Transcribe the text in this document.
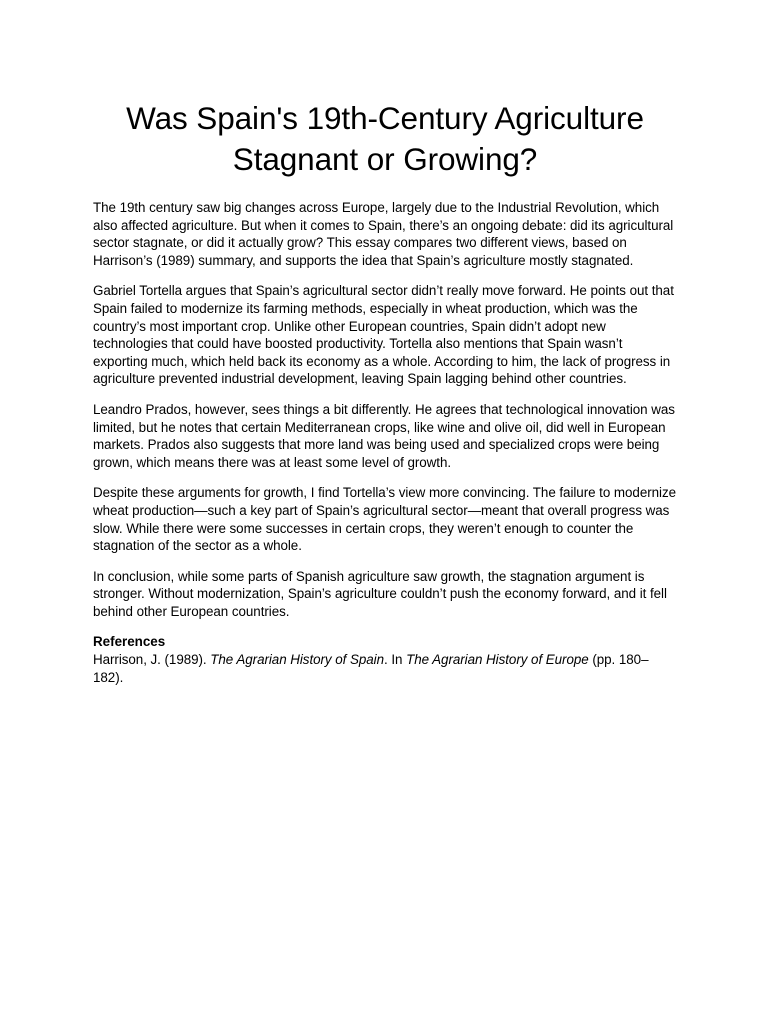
Was Spain's 19th-Century Agriculture
Stagnant or Growing?

The 19th century saw big changes across Europe, largely due to the Industrial Revolution, which also affected agriculture. But when it comes to Spain, there’s an ongoing debate: did its agricultural sector stagnate, or did it actually grow? This essay compares two different views, based on Harrison’s (1989) summary, and supports the idea that Spain’s agriculture mostly stagnated.

Gabriel Tortella argues that Spain’s agricultural sector didn’t really move forward. He points out that Spain failed to modernize its farming methods, especially in wheat production, which was the country’s most important crop. Unlike other European countries, Spain didn’t adopt new technologies that could have boosted productivity. Tortella also mentions that Spain wasn’t exporting much, which held back its economy as a whole. According to him, the lack of progress in agriculture prevented industrial development, leaving Spain lagging behind other countries.

Leandro Prados, however, sees things a bit differently. He agrees that technological innovation was limited, but he notes that certain Mediterranean crops, like wine and olive oil, did well in European markets. Prados also suggests that more land was being used and specialized crops were being grown, which means there was at least some level of growth.

Despite these arguments for growth, I find Tortella’s view more convincing. The failure to modernize wheat production—such a key part of Spain’s agricultural sector—meant that overall progress was slow. While there were some successes in certain crops, they weren’t enough to counter the stagnation of the sector as a whole.

In conclusion, while some parts of Spanish agriculture saw growth, the stagnation argument is stronger. Without modernization, Spain’s agriculture couldn’t push the economy forward, and it fell behind other European countries.

References

Harrison, J. (1989). The Agrarian History of Spain. In The Agrarian History of Europe (pp. 180–182).
